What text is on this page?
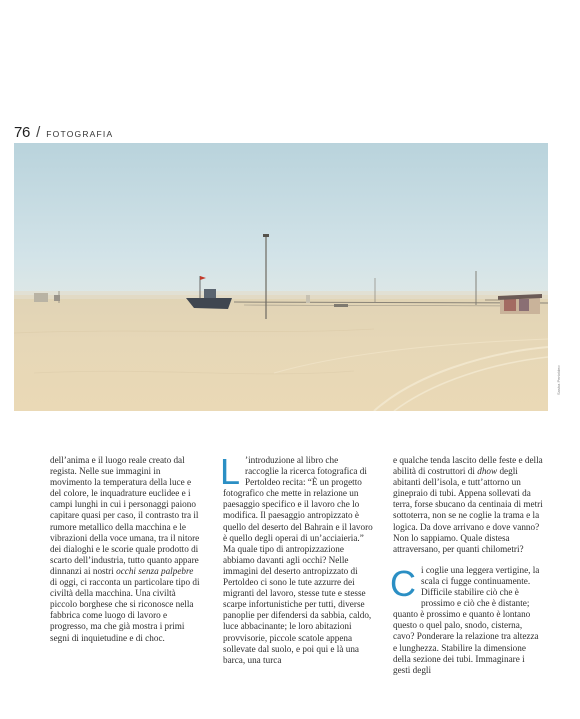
76 / FOTOGRAFIA
Sasha Pertoldeo

dell’anima e il luogo reale creato dal regista. Nelle sue immagini in movimento la temperatura della luce e del colore, le inquadrature euclidee e i campi lunghi in cui i personaggi paiono capitare quasi per caso, il contrasto tra il rumore metallico della macchina e le vibrazioni della voce umana, tra il nitore dei dialoghi e le scorie quale prodotto di scarto dell’industria, tutto quanto appare dinnanzi ai nostri occhi senza palpebre di oggi, ci racconta un particolare tipo di civiltà della macchina. Una civiltà piccolo borghese che si riconosce nella fabbrica come luogo di lavoro e progresso, ma che già mostra i primi segni di inquietudine e di choc.

L ’introduzione al libro che raccoglie la ricerca fotografica di Pertoldeo recita: “È un progetto fotografico che mette in relazione un paesaggio specifico e il lavoro che lo modifica. Il paesaggio antropizzato è quello del deserto del Bahrain e il lavoro è quello degli operai di un’acciaieria.” Ma quale tipo di antropizzazione abbiamo davanti agli occhi? Nelle immagini del deserto antropizzato di Pertoldeo ci sono le tute azzurre dei migranti del lavoro, stesse tute e stesse scarpe infortunistiche per tutti, diverse panoplie per difendersi da sabbia, caldo, luce abbacinante; le loro abitazioni provvisorie, piccole scatole appena sollevate dal suolo, e poi qui e là una barca, una turca

e qualche tenda lascito delle feste e della abilità di costruttori di dhow degli abitanti dell’isola, e tutt’attorno un ginepraio di tubi. Appena sollevati da terra, forse sbucano da centinaia di metri sottoterra, non se ne coglie la trama e la logica. Da dove arrivano e dove vanno? Non lo sappiamo. Quale distesa attraversano, per quanti chilometri?

Ci coglie una leggera vertigine, la scala ci fugge continuamente. Difficile stabilire ciò che è prossimo e ciò che è distante; quanto è prossimo e quanto è lontano questo o quel palo, snodo, cisterna, cavo? Ponderare la relazione tra altezza e lunghezza. Stabilire la dimensione della sezione dei tubi. Immaginare i gesti degli
